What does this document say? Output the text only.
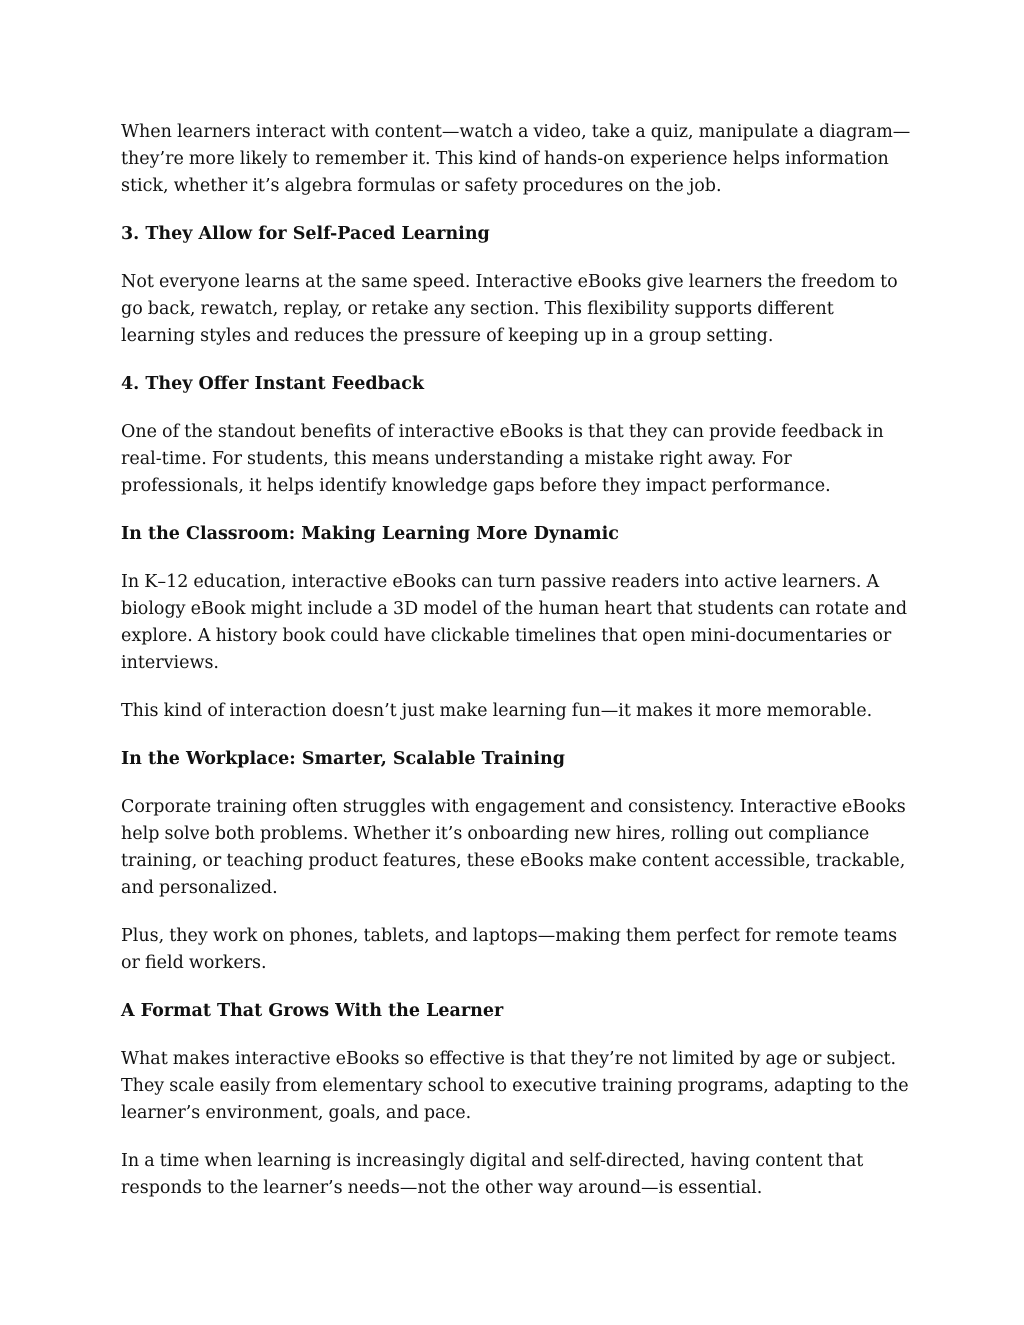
When learners interact with content—watch a video, take a quiz, manipulate a diagram—they’re more likely to remember it. This kind of hands-on experience helps information stick, whether it’s algebra formulas or safety procedures on the job.

3. They Allow for Self-Paced Learning

Not everyone learns at the same speed. Interactive eBooks give learners the freedom to go back, rewatch, replay, or retake any section. This flexibility supports different learning styles and reduces the pressure of keeping up in a group setting.

4. They Offer Instant Feedback

One of the standout benefits of interactive eBooks is that they can provide feedback in real-time. For students, this means understanding a mistake right away. For professionals, it helps identify knowledge gaps before they impact performance.

In the Classroom: Making Learning More Dynamic

In K–12 education, interactive eBooks can turn passive readers into active learners. A biology eBook might include a 3D model of the human heart that students can rotate and explore. A history book could have clickable timelines that open mini-documentaries or interviews.

This kind of interaction doesn’t just make learning fun—it makes it more memorable.

In the Workplace: Smarter, Scalable Training

Corporate training often struggles with engagement and consistency. Interactive eBooks help solve both problems. Whether it’s onboarding new hires, rolling out compliance training, or teaching product features, these eBooks make content accessible, trackable, and personalized.

Plus, they work on phones, tablets, and laptops—making them perfect for remote teams or field workers.

A Format That Grows With the Learner

What makes interactive eBooks so effective is that they’re not limited by age or subject. They scale easily from elementary school to executive training programs, adapting to the learner’s environment, goals, and pace.

In a time when learning is increasingly digital and self-directed, having content that responds to the learner’s needs—not the other way around—is essential.
